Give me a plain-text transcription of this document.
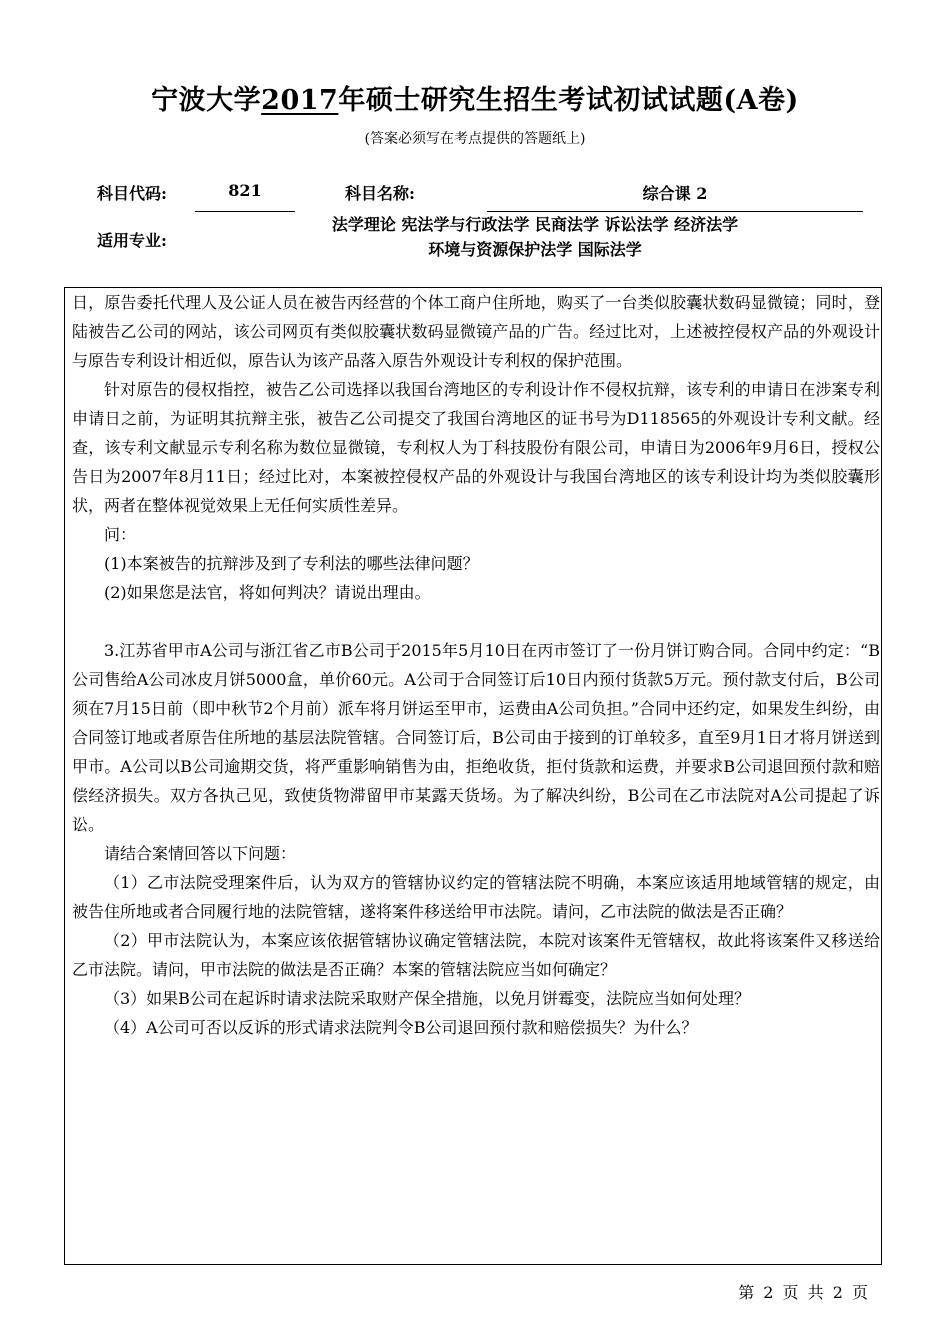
宁波大学2017年硕士研究生招生考试初试试题(A卷)
(答案必须写在考点提供的答题纸上)
科目代码:	821	科目名称:	综合课 2
适用专业:
法学理论 宪法学与行政法学 民商法学 诉讼法学 经济法学
环境与资源保护法学 国际法学

日，原告委托代理人及公证人员在被告丙经营的个体工商户住所地，购买了一台类似胶囊状数码显微镜；同时，登陆被告乙公司的网站，该公司网页有类似胶囊状数码显微镜产品的广告。经过比对，上述被控侵权产品的外观设计与原告专利设计相近似，原告认为该产品落入原告外观设计专利权的保护范围。

针对原告的侵权指控，被告乙公司选择以我国台湾地区的专利设计作不侵权抗辩，该专利的申请日在涉案专利申请日之前，为证明其抗辩主张，被告乙公司提交了我国台湾地区的证书号为D118565的外观设计专利文献。经查，该专利文献显示专利名称为数位显微镜，专利权人为丁科技股份有限公司，申请日为2006年9月6日，授权公告日为2007年8月11日；经过比对，本案被控侵权产品的外观设计与我国台湾地区的该专利设计均为类似胶囊形状，两者在整体视觉效果上无任何实质性差异。

问：

(1)本案被告的抗辩涉及到了专利法的哪些法律问题？

(2)如果您是法官，将如何判决？请说出理由。

3.江苏省甲市A公司与浙江省乙市B公司于2015年5月10日在丙市签订了一份月饼订购合同。合同中约定：“B公司售给A公司冰皮月饼5000盒，单价60元。A公司于合同签订后10日内预付货款5万元。预付款支付后，B公司须在7月15日前（即中秋节2个月前）派车将月饼运至甲市，运费由A公司负担。”合同中还约定，如果发生纠纷，由合同签订地或者原告住所地的基层法院管辖。合同签订后，B公司由于接到的订单较多，直至9月1日才将月饼送到甲市。A公司以B公司逾期交货，将严重影响销售为由，拒绝收货，拒付货款和运费，并要求B公司退回预付款和赔偿经济损失。双方各执己见，致使货物滞留甲市某露天货场。为了解决纠纷，B公司在乙市法院对A公司提起了诉讼。

请结合案情回答以下问题：

（1）乙市法院受理案件后，认为双方的管辖协议约定的管辖法院不明确，本案应该适用地域管辖的规定，由被告住所地或者合同履行地的法院管辖，遂将案件移送给甲市法院。请问，乙市法院的做法是否正确？

（2）甲市法院认为，本案应该依据管辖协议确定管辖法院，本院对该案件无管辖权，故此将该案件又移送给乙市法院。请问，甲市法院的做法是否正确？本案的管辖法院应当如何确定？

（3）如果B公司在起诉时请求法院采取财产保全措施，以免月饼霉变，法院应当如何处理？

（4）A公司可否以反诉的形式请求法院判令B公司退回预付款和赔偿损失？为什么？

第 2 页 共 2 页
